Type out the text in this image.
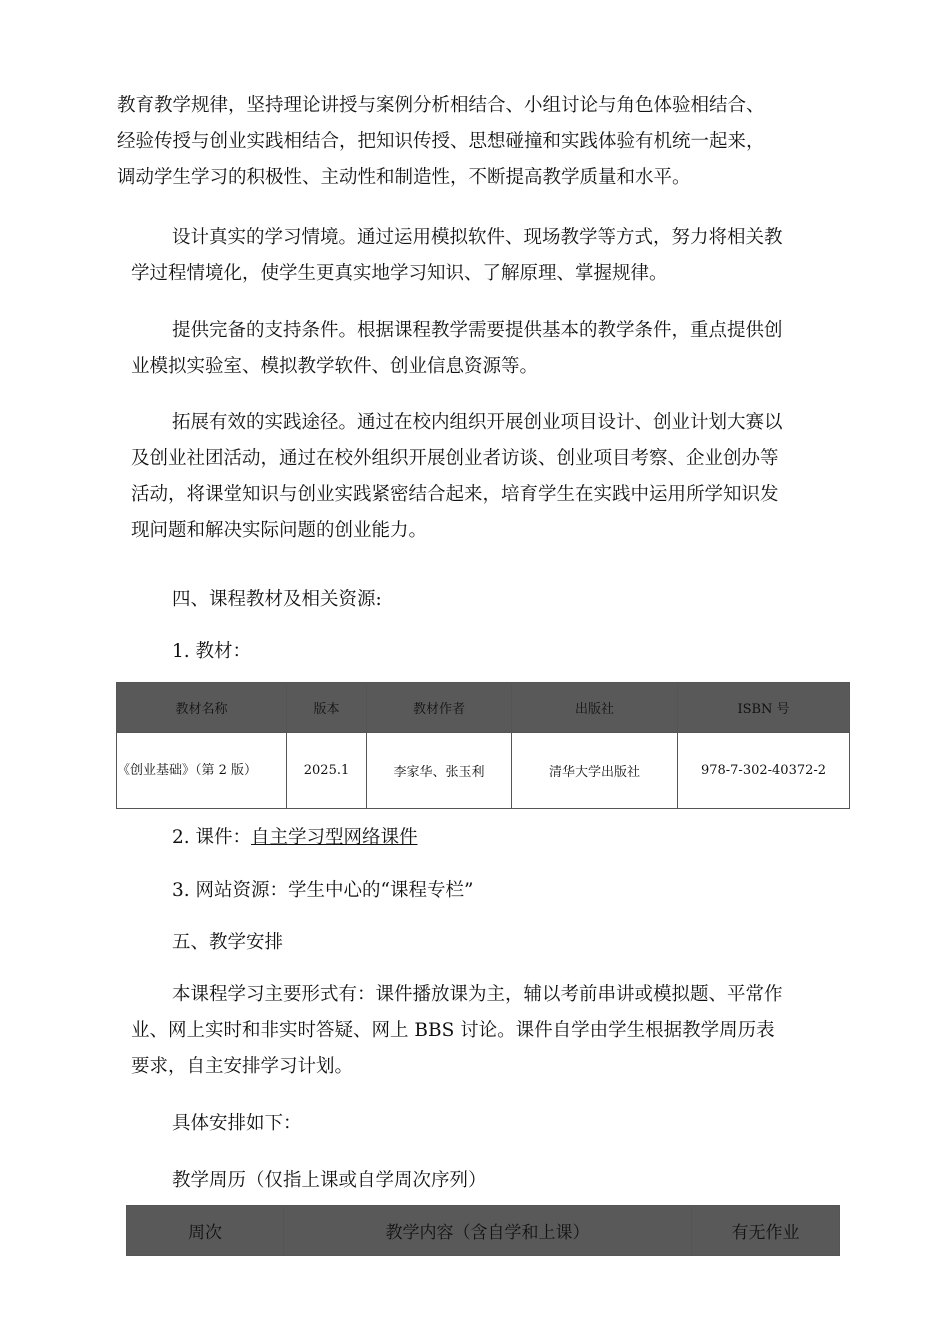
教育教学规律，坚持理论讲授与案例分析相结合、小组讨论与角色体验相结合、
经验传授与创业实践相结合，把知识传授、思想碰撞和实践体验有机统一起来，
调动学生学习的积极性、主动性和制造性，不断提高教学质量和水平。

设计真实的学习情境。通过运用模拟软件、现场教学等方式，努力将相关教
学过程情境化，使学生更真实地学习知识、了解原理、掌握规律。

提供完备的支持条件。根据课程教学需要提供基本的教学条件，重点提供创
业模拟实验室、模拟教学软件、创业信息资源等。

拓展有效的实践途径。通过在校内组织开展创业项目设计、创业计划大赛以
及创业社团活动，通过在校外组织开展创业者访谈、创业项目考察、企业创办等
活动，将课堂知识与创业实践紧密结合起来，培育学生在实践中运用所学知识发
现问题和解决实际问题的创业能力。

四、课程教材及相关资源:
1. 教材：
教材名称	版本	教材作者	出版社	ISBN 号
《创业基础》（第 2 版）	2025.1	李家华、张玉利	清华大学出版社	978-7-302-40372-2
2. 课件：自主学习型网络课件
3. 网站资源：学生中心的“课程专栏”
五、教学安排

本课程学习主要形式有：课件播放课为主，辅以考前串讲或模拟题、平常作
业、网上实时和非实时答疑、网上 BBS 讨论。课件自学由学生根据教学周历表
要求，自主安排学习计划。

具体安排如下：
教学周历（仅指上课或自学周次序列）
周次	教学内容（含自学和上课）	有无作业
